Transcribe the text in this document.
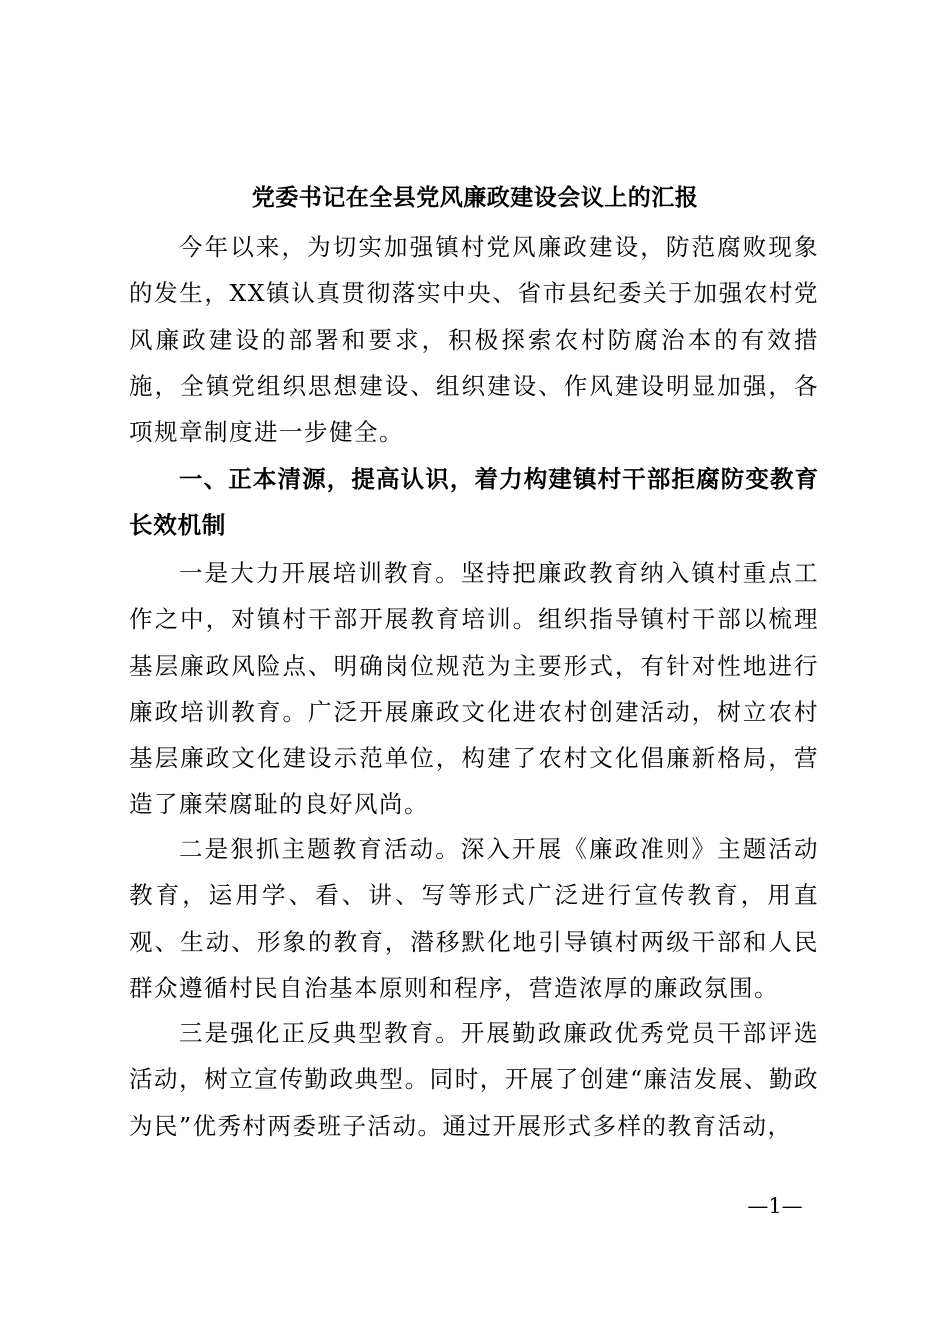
党委书记在全县党风廉政建设会议上的汇报

今年以来，为切实加强镇村党风廉政建设，防范腐败现象的发生，XX镇认真贯彻落实中央、省市县纪委关于加强农村党风廉政建设的部署和要求，积极探索农村防腐治本的有效措施，全镇党组织思想建设、组织建设、作风建设明显加强，各项规章制度进一步健全。

一、正本清源，提高认识，着力构建镇村干部拒腐防变教育长效机制

一是大力开展培训教育。坚持把廉政教育纳入镇村重点工作之中，对镇村干部开展教育培训。组织指导镇村干部以梳理基层廉政风险点、明确岗位规范为主要形式，有针对性地进行廉政培训教育。广泛开展廉政文化进农村创建活动，树立农村基层廉政文化建设示范单位，构建了农村文化倡廉新格局，营造了廉荣腐耻的良好风尚。

二是狠抓主题教育活动。深入开展《廉政准则》主题活动教育，运用学、看、讲、写等形式广泛进行宣传教育，用直观、生动、形象的教育，潜移默化地引导镇村两级干部和人民群众遵循村民自治基本原则和程序，营造浓厚的廉政氛围。

三是强化正反典型教育。开展勤政廉政优秀党员干部评选活动，树立宣传勤政典型。同时，开展了创建“廉洁发展、勤政为民”优秀村两委班子活动。通过开展形式多样的教育活动，

—1—
